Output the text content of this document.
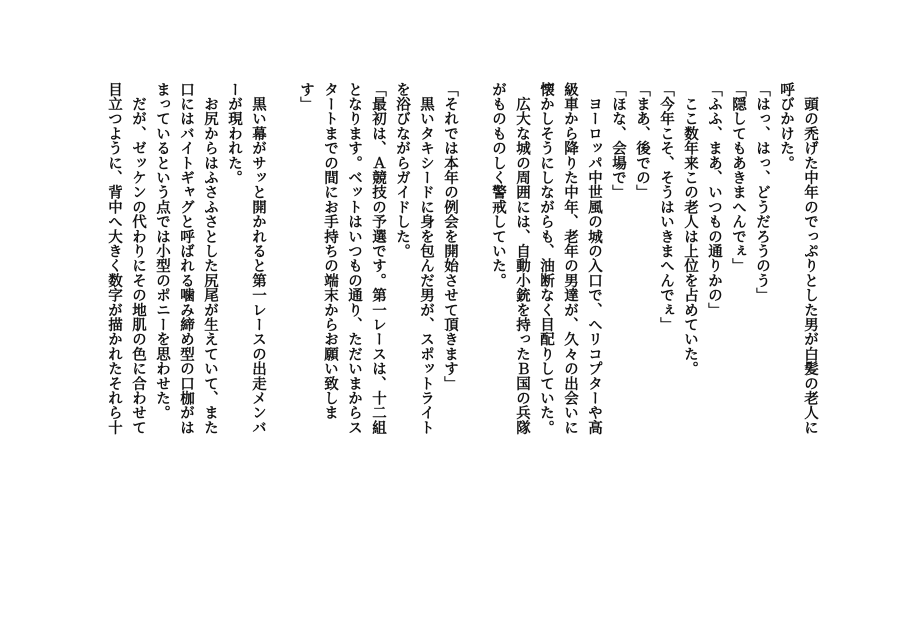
　頭の禿げた中年のでっぷりとした男が白髪の老人に
呼びかけた。
「はっ、はっ、どうだろうのう」
「隠してもあきまへんでぇ」
「ふふ、まあ、いつもの通りかの」
　ここ数年来この老人は上位を占めていた。
「今年こそ、そうはいきまへんでぇ」
「まあ、後での」
「ほな、会場で」
　ヨーロッパ中世風の城の入口で、ヘリコプターや高
級車から降りた中年、老年の男達が、久々の出会いに
懐かしそうにしながらも、油断なく目配りしていた。
　広大な城の周囲には、自動小銃を持ったＢ国の兵隊
がものものしく警戒していた。
「それでは本年の例会を開始させて頂きます」
　黒いタキシードに身を包んだ男が、スポットライト
を浴びながらガイドした。
「最初は、Ａ競技の予選です。第一レースは、十二組
となります。ベットはいつもの通り、ただいまからス
タートまでの間にお手持ちの端末からお願い致しま
す」
　黒い幕がサッと開かれると第一レースの出走メンバ
ーが現われた。
　お尻からはふさふさとした尻尾が生えていて、また
口にはバイトギャグと呼ばれる噛み締め型の口枷がは
まっているという点では小型のポニーを思わせた。
　だが、ゼッケンの代わりにその地肌の色に合わせて
目立つように、背中へ大きく数字が描かれたそれら十
